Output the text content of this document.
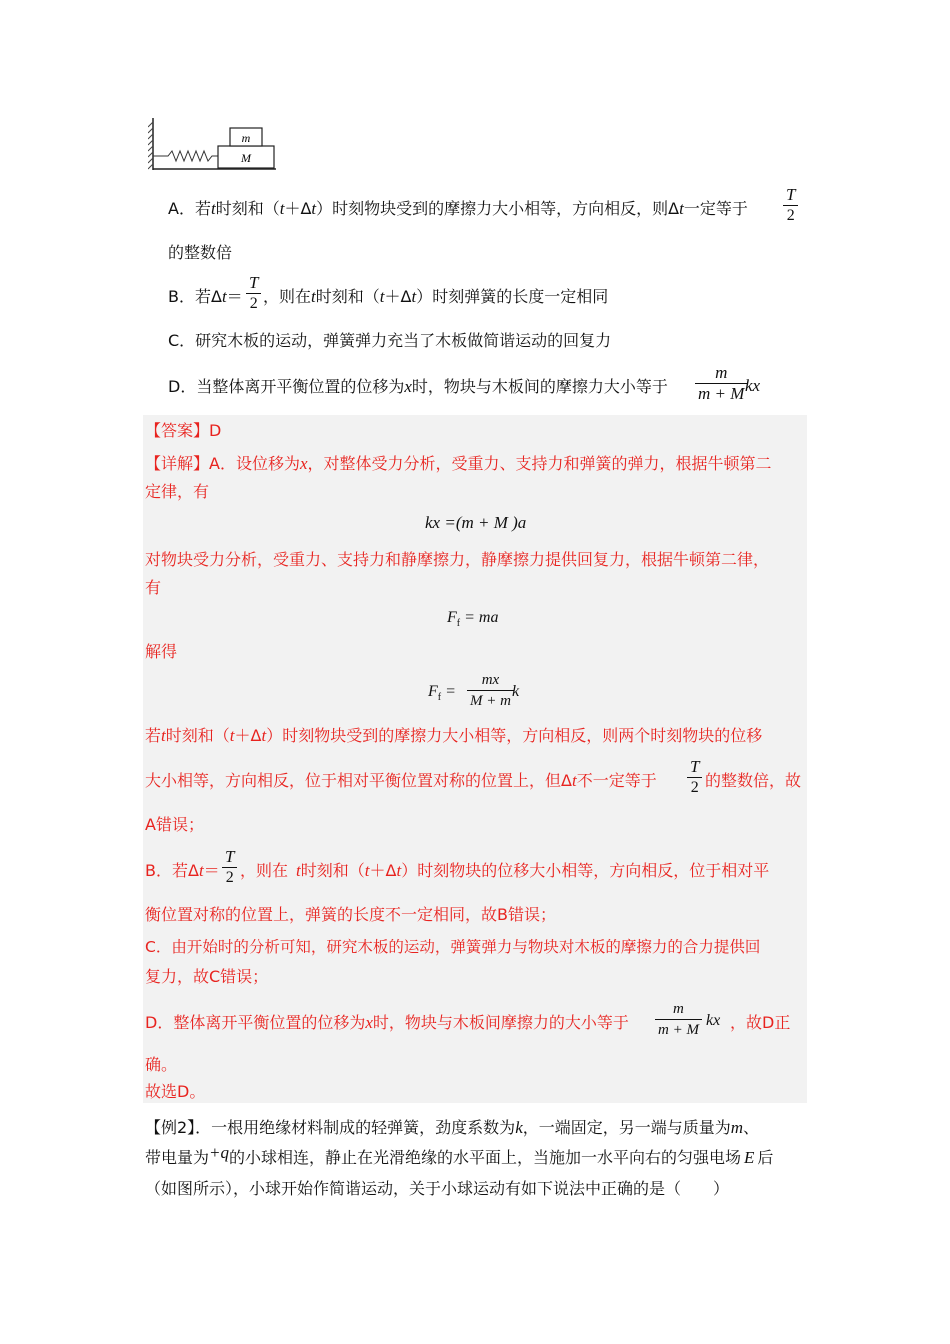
m
M
A．若t时刻和（t＋Δt）时刻物块受到的摩擦力大小相等，方向相反，则Δt一定等于 $\frac{T}{2}$
的整数倍
B．若$\Delta t= \frac{T}{2}$ ，则在t时刻和（t＋Δt）时刻弹簧的长度一定相同
C．研究木板的运动，弹簧弹力充当了木板做简谐运动的回复力
D．当整体离开平衡位置的位移为x时，物块与木板间的摩擦力大小等于 $\frac{m}{m + M}$
kx
【答案】D
【详解】A．设位移为x，对整体受力分析，受重力、支持力和弹簧的弹力，根据牛顿第二
定律，有
kx =(m + M )a
对物块受力分析，受重力、支持力和静摩擦力，静摩擦力提供回复力，根据牛顿第二律，
有
$F_f$ = ma
解得
$F_f = \frac{mx}{M + m}$
k
若t时刻和（t＋Δt）时刻物块受到的摩擦力大小相等，方向相反，则两个时刻物块的位移
大小相等，方向相反，位于相对平衡位置对称的位置上，但Δt不一定等于 $\frac{T}{2}$ 的整数倍，故
A错误；
B．若$\Delta t= \frac{T}{2}$ ，则在 t时刻和（t＋Δt）时刻物块的位移大小相等，方向相反，位于相对平
衡位置对称的位置上，弹簧的长度不一定相同，故B错误；
C．由开始时的分析可知，研究木板的运动，弹簧弹力与物块对木板的摩擦力的合力提供回
复力，故C错误；
D．整体离开平衡位置的位移为x时，物块与木板间摩擦力的大小等于 $\frac{m}{m + M}$ kx ，故D正
确。
故选D。
【例2】．一根用绝缘材料制成的轻弹簧，劲度系数为k，一端固定，另一端与质量为m、
带电量为+q的小球相连，静止在光滑绝缘的水平面上，当施加一水平向右的匀强电场 E 后
（如图所示），小球开始作简谐运动，关于小球运动有如下说法中正确的是（　　）
